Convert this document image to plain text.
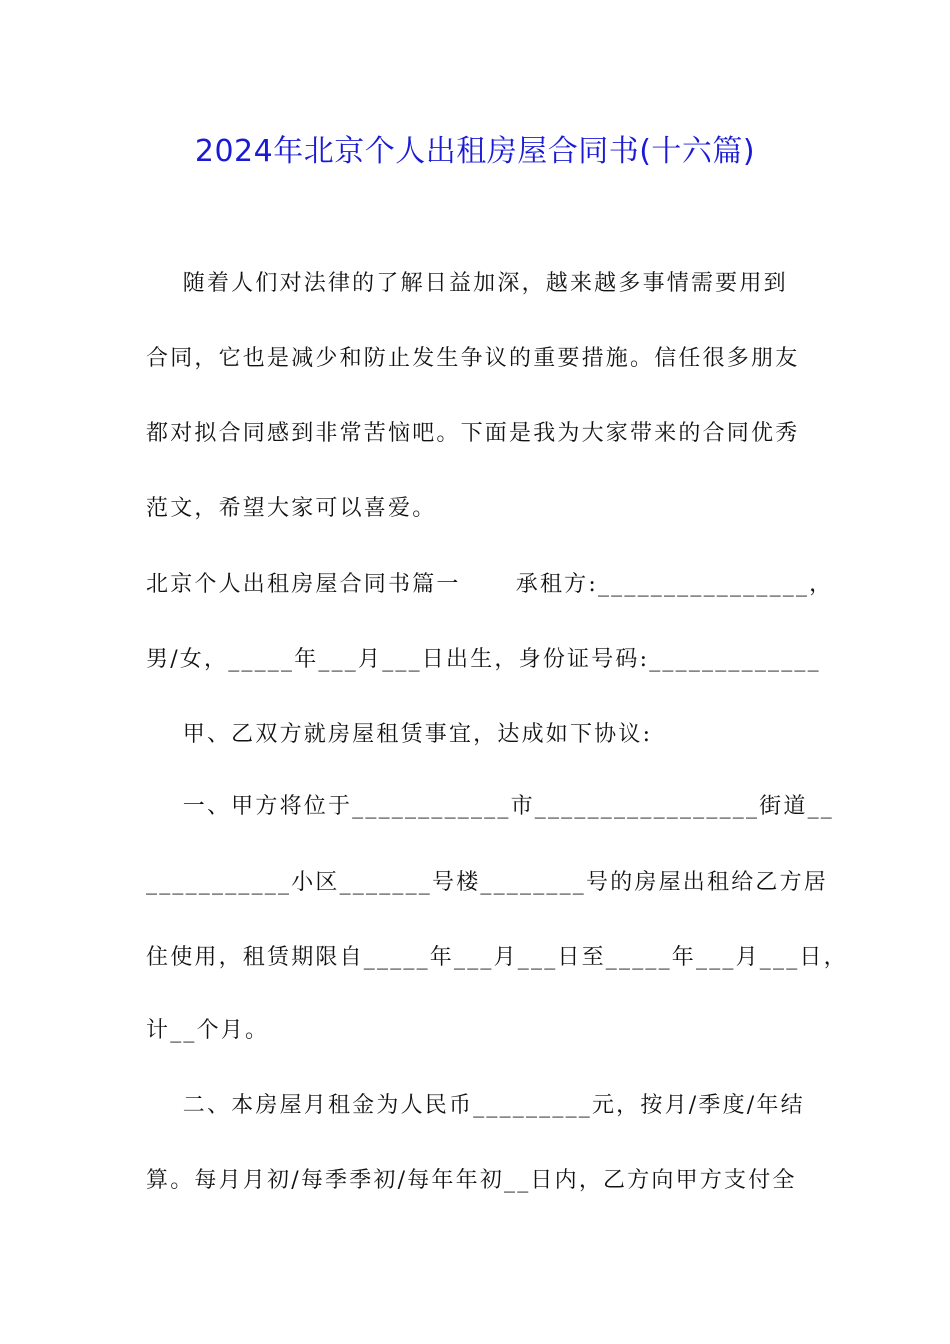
2024年北京个人出租房屋合同书(十六篇)
随着人们对法律的了解日益加深，越来越多事情需要用到
合同，它也是减少和防止发生争议的重要措施。信任很多朋友
都对拟合同感到非常苦恼吧。下面是我为大家带来的合同优秀
范文，希望大家可以喜爱。
北京个人出租房屋合同书篇一      承租方:________________，
男/女，_____年___月___日出生，身份证号码:_____________
甲、乙双方就房屋租赁事宜，达成如下协议:
一、甲方将位于____________市_________________街道__
___________小区_______号楼________号的房屋出租给乙方居
住使用，租赁期限自_____年___月___日至_____年___月___日，
计__个月。
二、本房屋月租金为人民币_________元，按月/季度/年结
算。每月月初/每季季初/每年年初__日内，乙方向甲方支付全
